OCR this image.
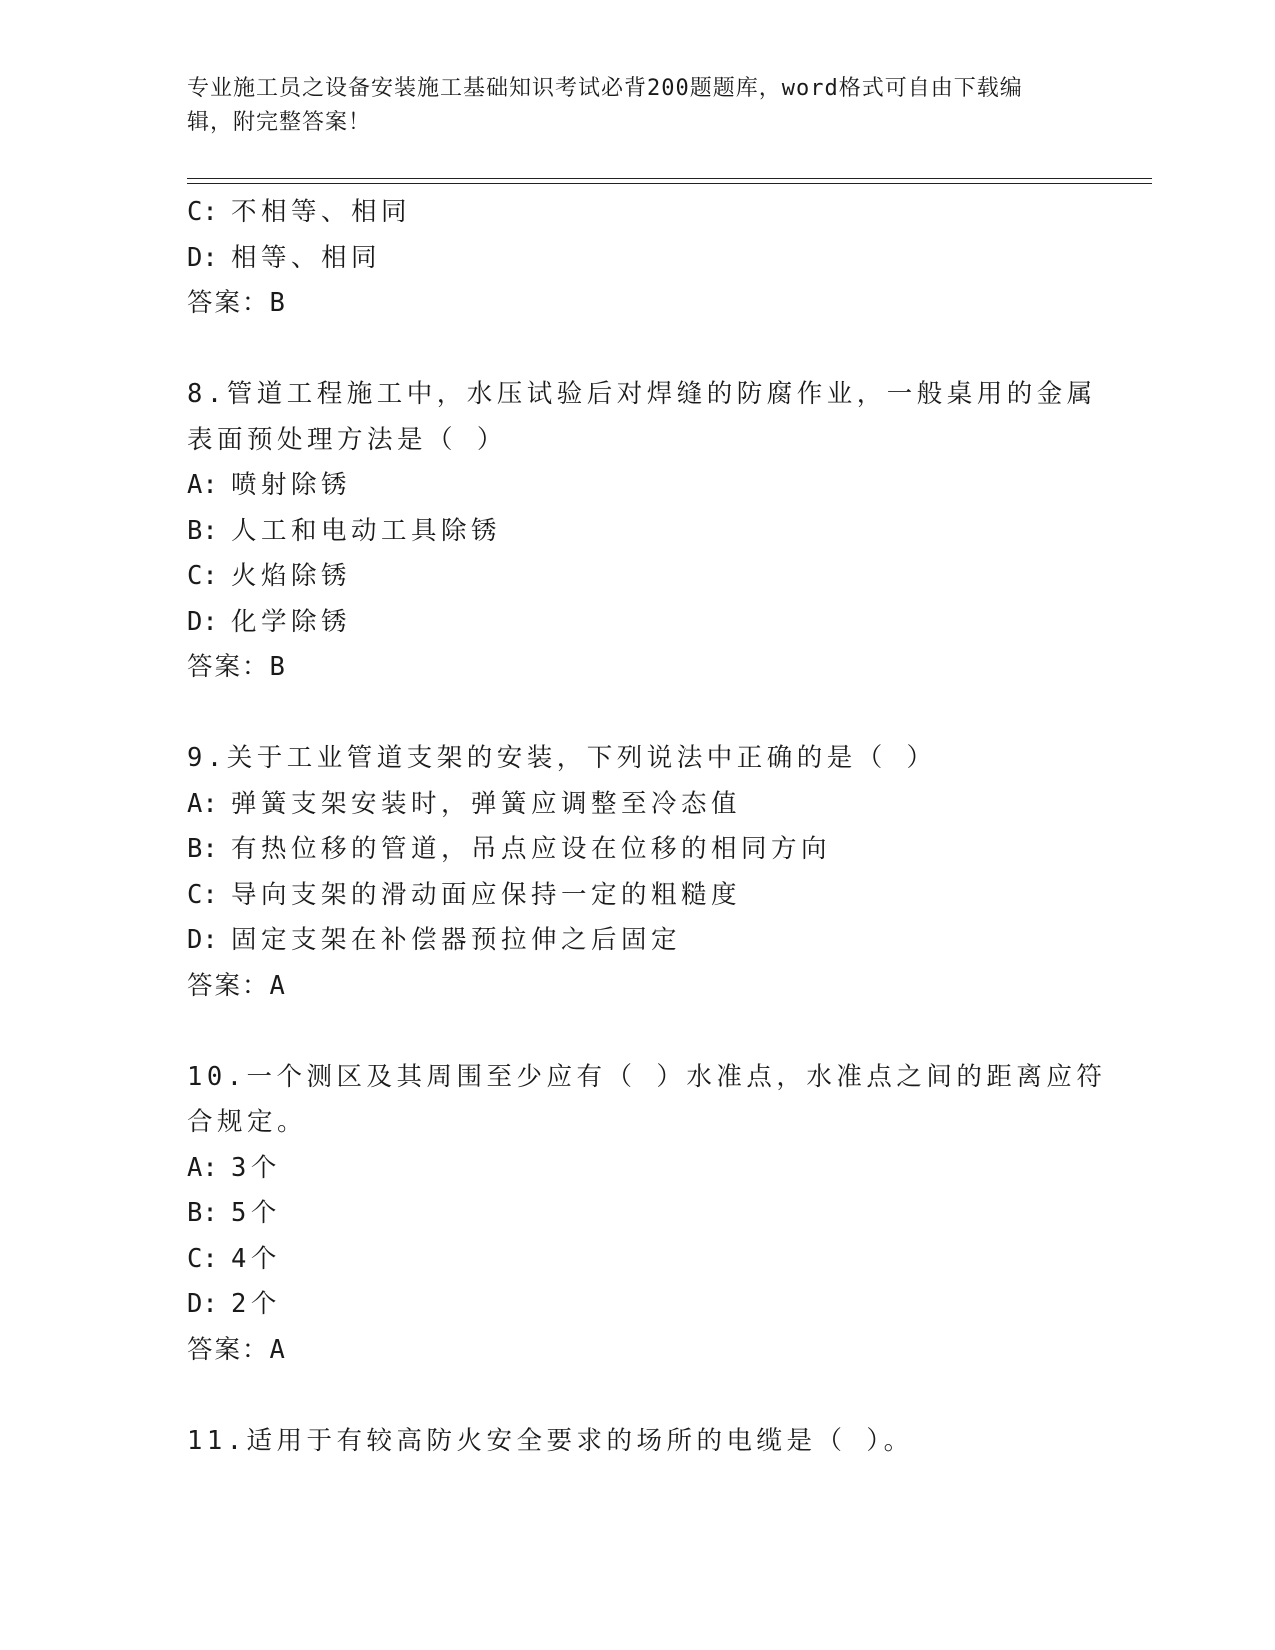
专业施工员之设备安装施工基础知识考试必背200题题库，word格式可自由下载编辑，附完整答案！
C: 不相等、相同
D: 相等、相同
答案：B
8.管道工程施工中，水压试验后对焊缝的防腐作业，一般桌用的金属
表面预处理方法是（ ）
A: 喷射除锈
B: 人工和电动工具除锈
C: 火焰除锈
D: 化学除锈
答案：B
9.关于工业管道支架的安装，下列说法中正确的是（ ）
A: 弹簧支架安装时，弹簧应调整至冷态值
B: 有热位移的管道，吊点应设在位移的相同方向
C: 导向支架的滑动面应保持一定的粗糙度
D: 固定支架在补偿器预拉伸之后固定
答案：A
10.一个测区及其周围至少应有（ ）水准点，水准点之间的距离应符
合规定。
A: 3个
B: 5个
C: 4个
D: 2个
答案：A
11.适用于有较高防火安全要求的场所的电缆是（ ）。
